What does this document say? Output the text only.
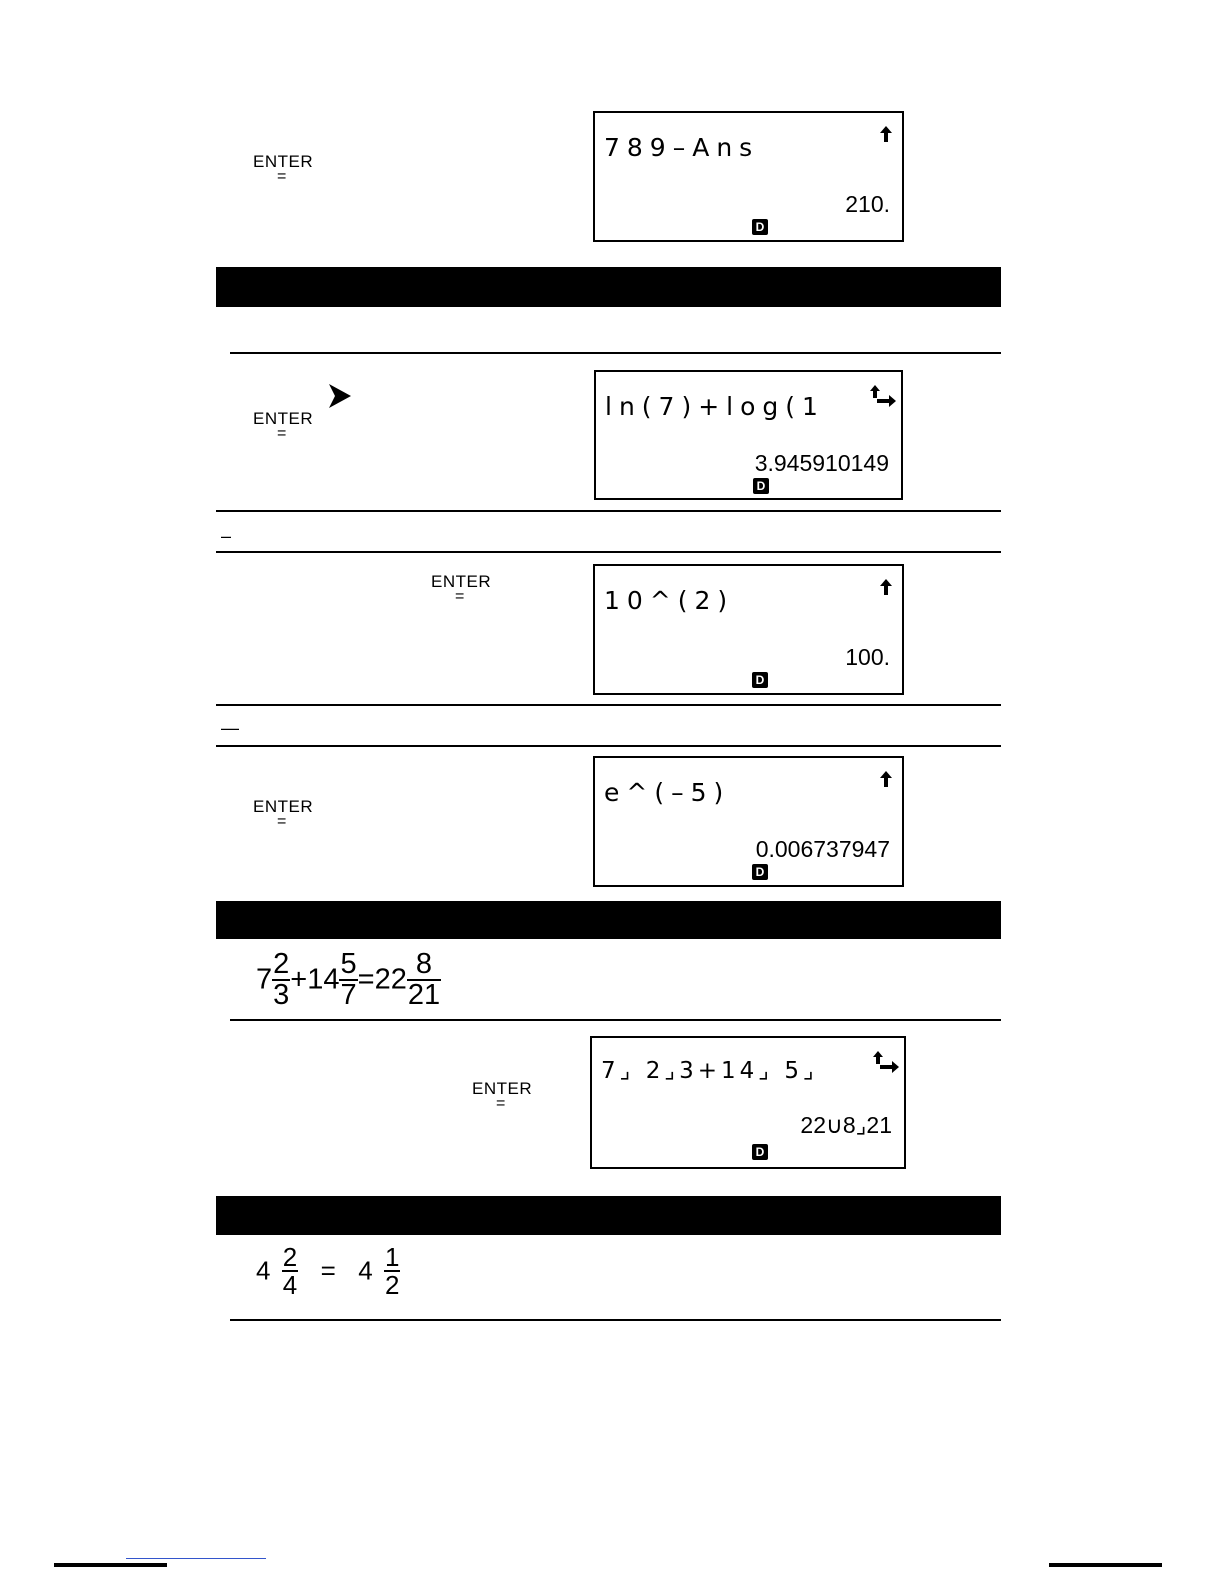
ENTER
=
789–Ans
210.
D
ENTER
=
ln(7)+log(1
3.945910149
D
–
ENTER
=	10^(2)
100.
D
—
ENTER
=
e^(–5)
0.006737947
D
$7 \frac{2}{3} +14 \frac{5}{7} =22 \frac{8}{21}$
ENTER
=
7⌟ 2⌟3+14⌟ 5⌟
22∪8⌟21
D
$4 \frac{2}{4} = 4 \frac{1}{2}$
